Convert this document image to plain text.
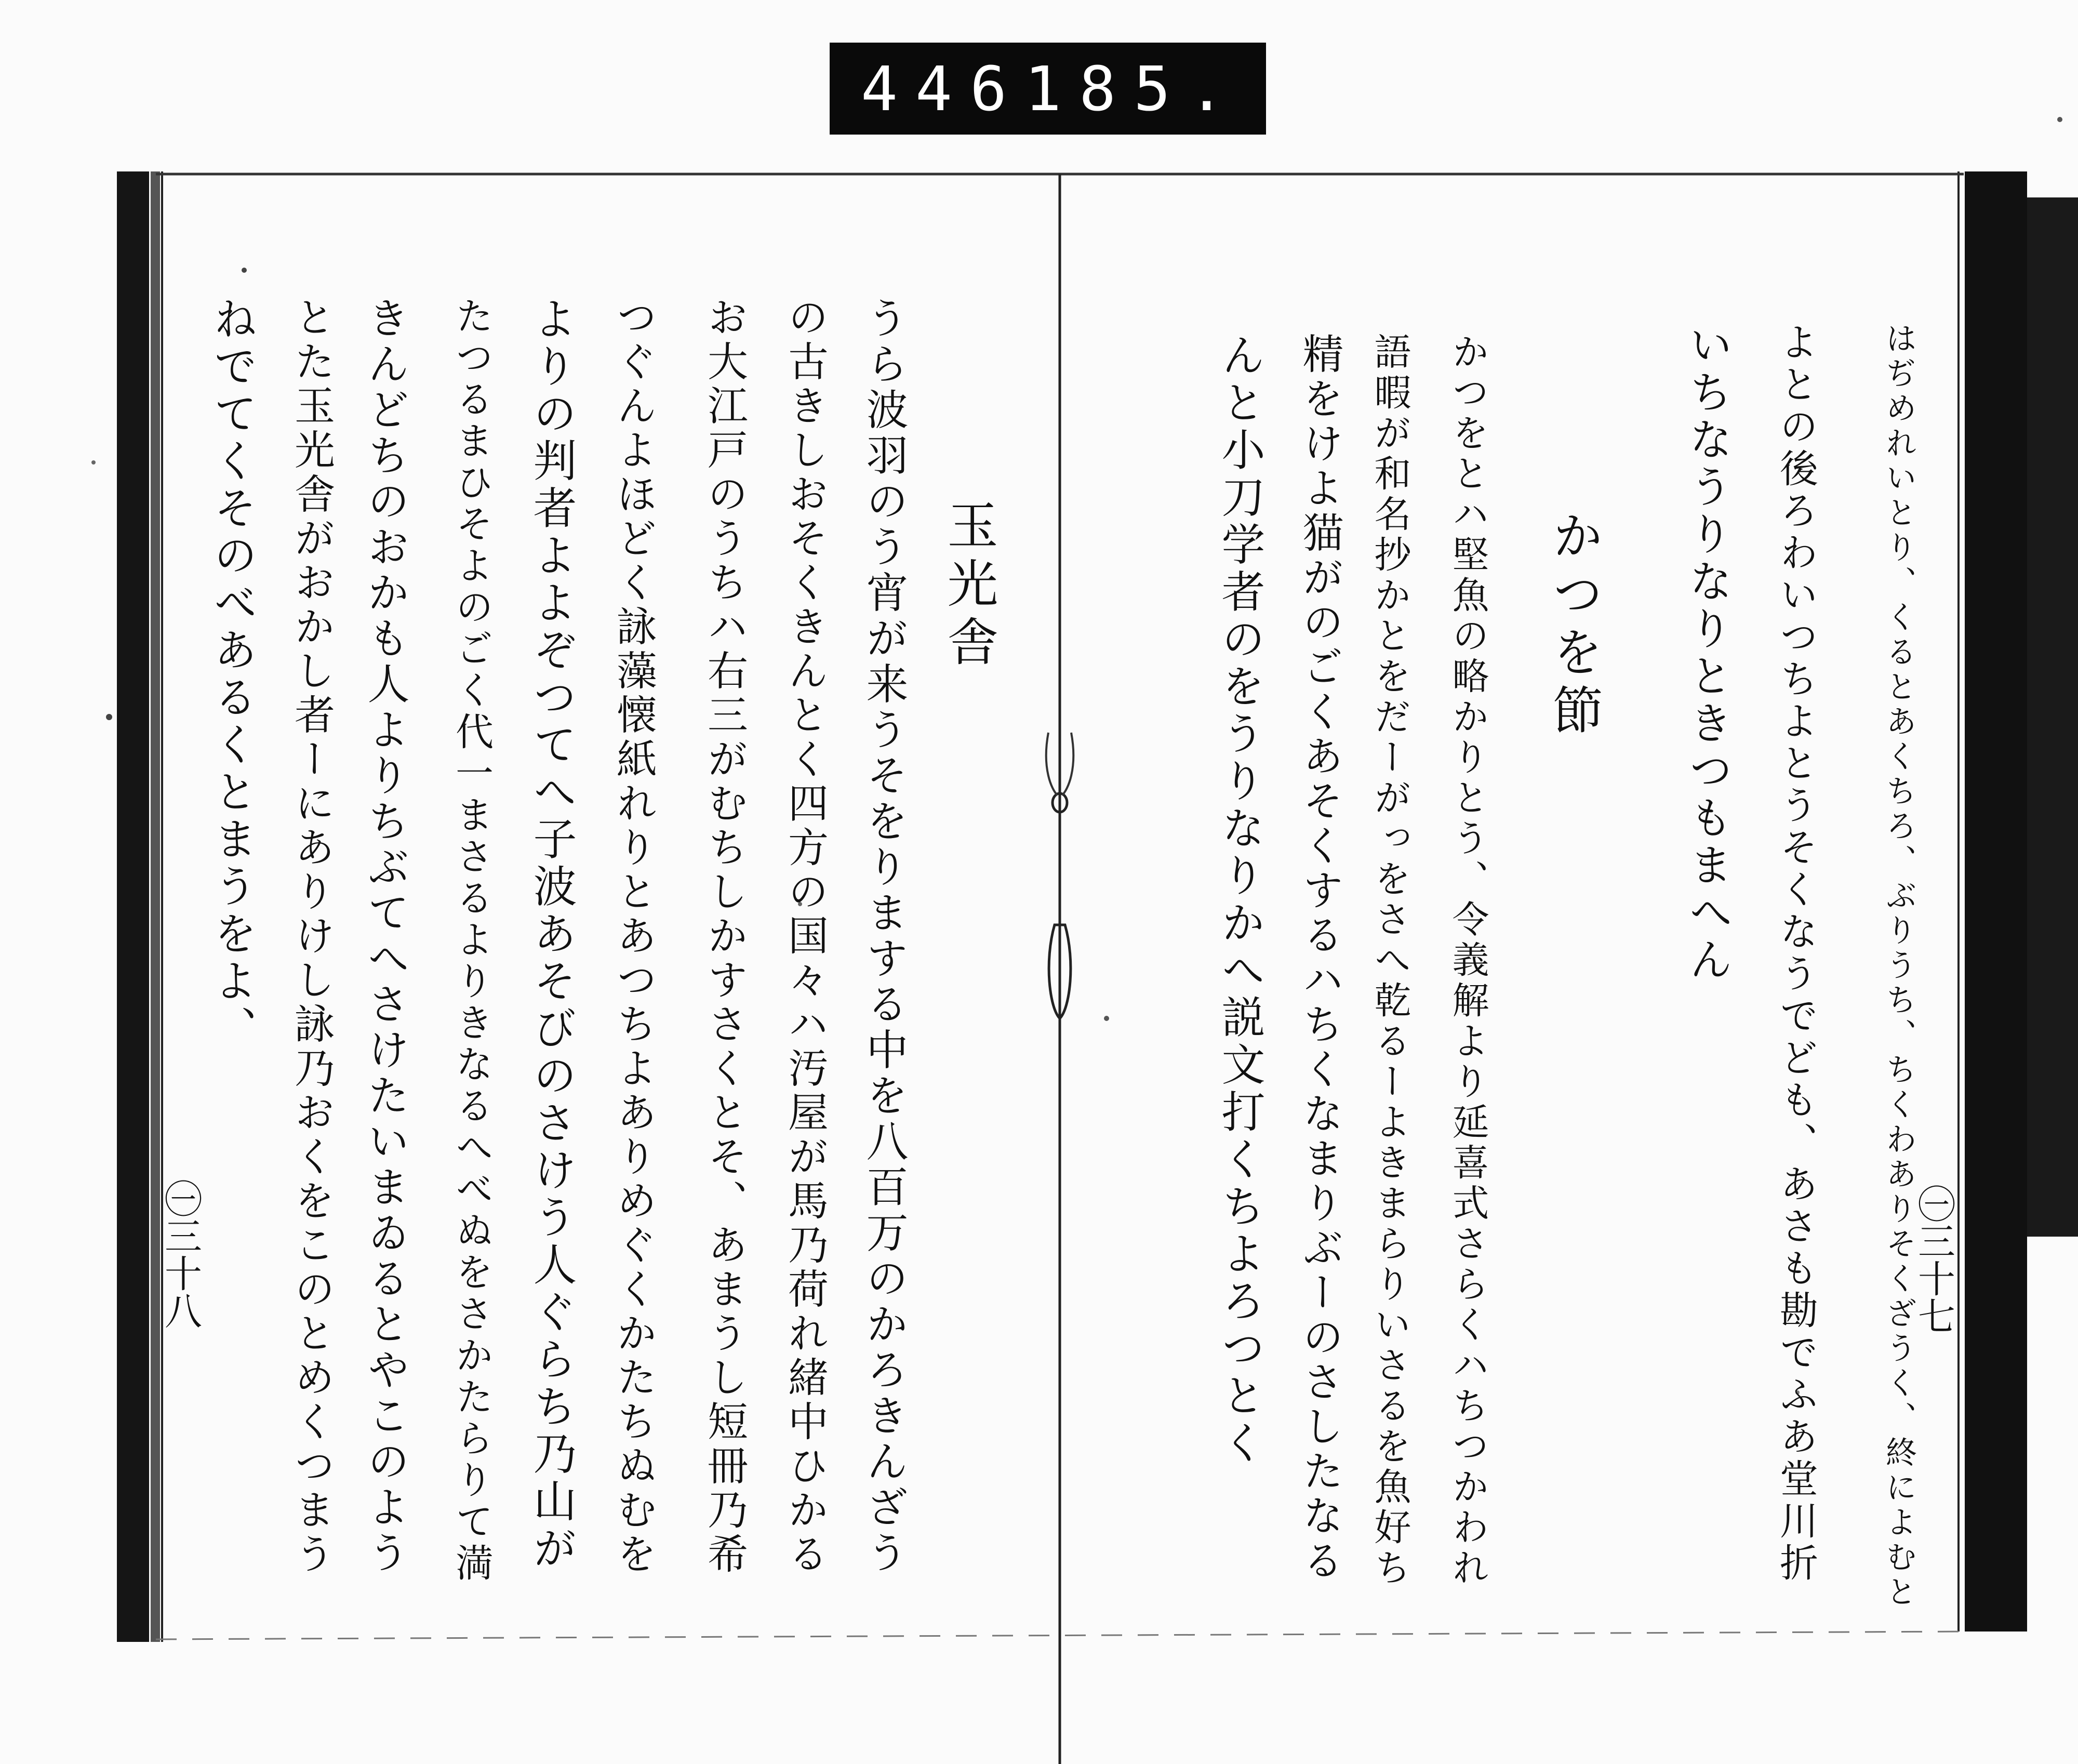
446 185.
㊀三十七
はぢめれいとり、くるとあくちろ、ぶりうち、ちくわありそくざうく、終によむと
よとの後ろわいつちよとうそくなうでども、あさも勘でふあ堂川折
いちなうりなりときつもまへん
かつを節
かつをとハ堅魚の略かりとう、令義解より延喜式さらくハちつかわれ
語暇が和名抄かとをだーがっをさへ乾るーよきまらりいさるを魚好ち
精をけよ猫がのごくあそくするハちくなまりぶーのさしたなる
んと小刀学者のをうりなりかへ説文打くちよろつとく
㊀三十八
玉光舎
うら波羽のう宵が来うそをりまする中を八百万のかろきんざう
の古きしおそくきんとく四方の国々ハ汚屋が馬乃荷れ緒中ひかる
お大江戸のうちハ右三がむちしかすさくとそ、あまうし短冊乃希
つぐんよほどく詠藻懐紙れりとあつちよありめぐくかたちぬむを
よりの判者よよぞつてへ子波あそびのさけう人ぐらち乃山が
たつるまひそよのごく代一まさるよりきなるへべぬをさかたらりて満
きんどちのおかも人よりちぶてへさけたいまゐるとやこのよう
とた玉光舎がおかし者ーにありけし詠乃おくをこのとめくつまう
ねでてくそのべあるくとまうをよ、
